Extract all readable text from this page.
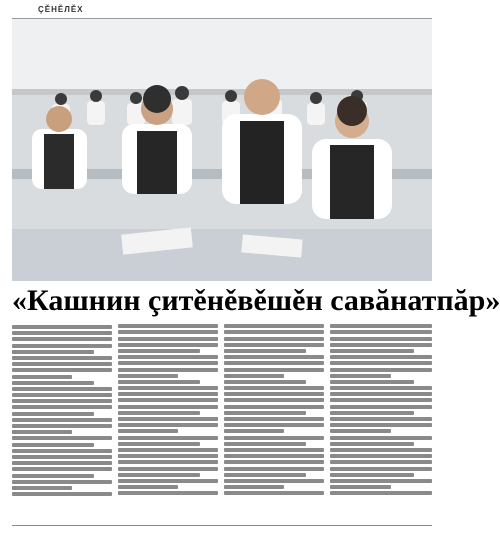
ÇĚНĚЛĚХ
«Кашнин çитěнěвěшěн савăнатпăр»
